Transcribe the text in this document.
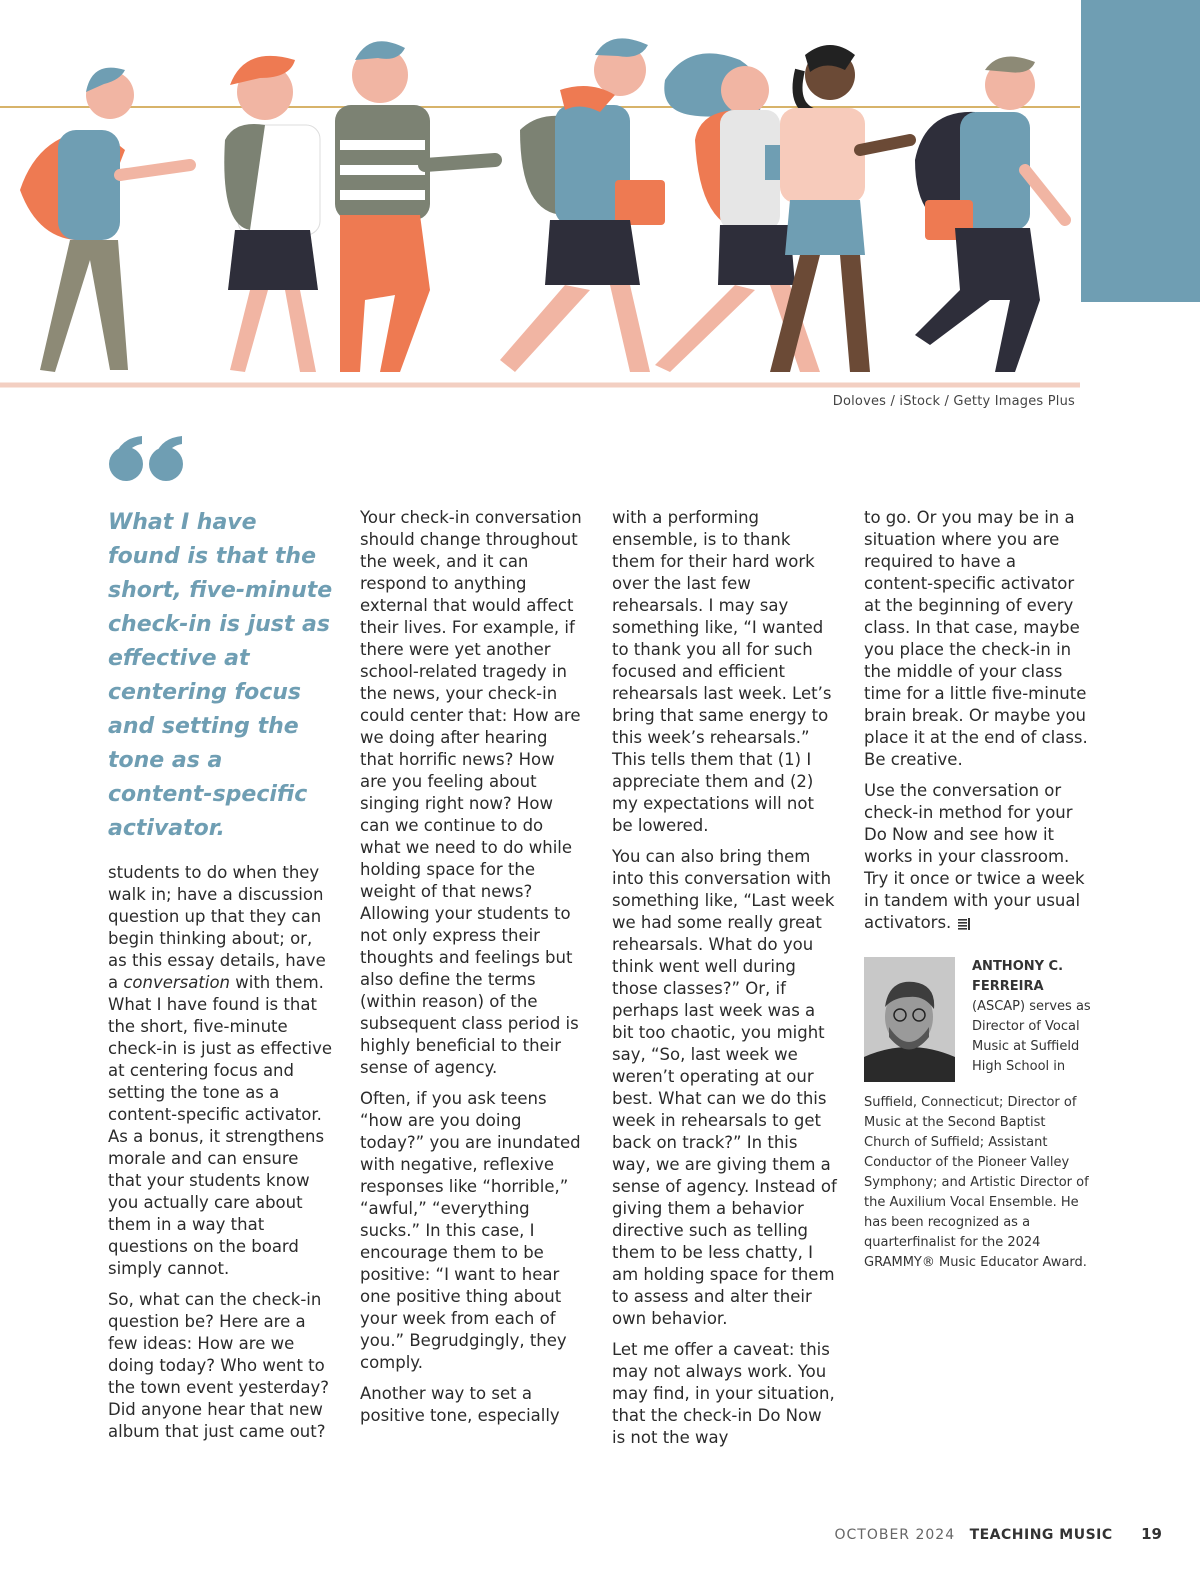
Doloves / iStock / Getty Images Plus

What I have found is that the short, five-minute check-in is just as effective at centering focus and setting the tone as a content-specific activator.

students to do when they walk in; have a discussion question up that they can begin thinking about; or, as this essay details, have a conversation with them. What I have found is that the short, five-minute check-in is just as effective at centering focus and setting the tone as a content-specific activator. As a bonus, it strengthens morale and can ensure that your students know you actually care about them in a way that questions on the board simply cannot.

So, what can the check-in question be? Here are a few ideas: How are we doing today? Who went to the town event yesterday? Did anyone hear that new album that just came out?

Your check-in conversation should change throughout the week, and it can respond to anything external that would affect their lives. For example, if there were yet another school-related tragedy in the news, your check-in could center that: How are we doing after hearing that horrific news? How are you feeling about singing right now? How can we continue to do what we need to do while holding space for the weight of that news? Allowing your students to not only express their thoughts and feelings but also define the terms (within reason) of the subsequent class period is highly beneficial to their sense of agency.

Often, if you ask teens “how are you doing today?” you are inundated with negative, reflexive responses like “horrible,” “awful,” “everything sucks.” In this case, I encourage them to be positive: “I want to hear one positive thing about your week from each of you.” Begrudgingly, they comply.

Another way to set a positive tone, especially

with a performing ensemble, is to thank them for their hard work over the last few rehearsals. I may say something like, “I wanted to thank you all for such focused and efficient rehearsals last week. Let’s bring that same energy to this week’s rehearsals.” This tells them that (1) I appreciate them and (2) my expectations will not be lowered.

You can also bring them into this conversation with something like, “Last week we had some really great rehearsals. What do you think went well during those classes?” Or, if perhaps last week was a bit too chaotic, you might say, “So, last week we weren’t operating at our best. What can we do this week in rehearsals to get back on track?” In this way, we are giving them a sense of agency. Instead of giving them a behavior directive such as telling them to be less chatty, I am holding space for them to assess and alter their own behavior.

Let me offer a caveat: this may not always work. You may find, in your situation, that the check-in Do Now is not the way

to go. Or you may be in a situation where you are required to have a content-specific activator at the beginning of every class. In that case, maybe you place the check-in in the middle of your class time for a little five-minute brain break. Or maybe you place it at the end of class. Be creative.

Use the conversation or check-in method for your Do Now and see how it works in your classroom. Try it once or twice a week in tandem with your usual activators.

ANTHONY C. FERREIRA
(ASCAP) serves as Director of Vocal Music at Suffield High School in
Suffield, Connecticut; Director of Music at the Second Baptist Church of Suffield; Assistant Conductor of the Pioneer Valley Symphony; and Artistic Director of the Auxilium Vocal Ensemble. He has been recognized as a quarterfinalist for the 2024 GRAMMY® Music Educator Award.
OCTOBER 2024 TEACHING MUSIC 19
